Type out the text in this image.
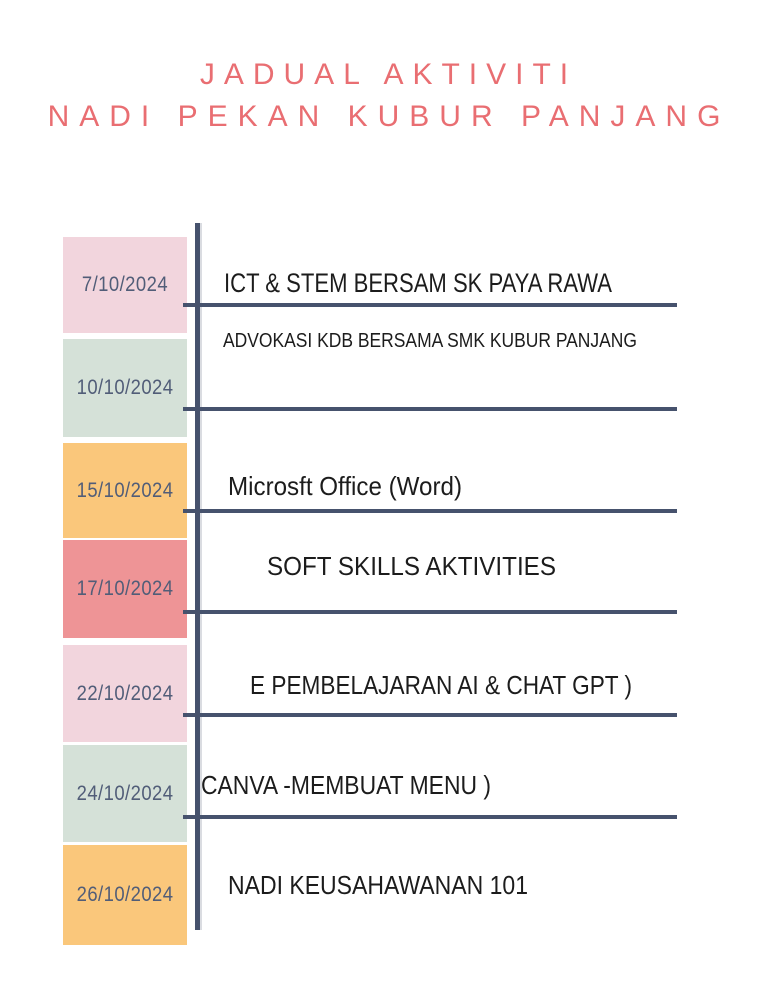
JADUAL AKTIVITI
NADI PEKAN KUBUR PANJANG
7/10/2024 ICT & STEM BERSAM SK PAYA RAWA
10/10/2024
ADVOKASI KDB BERSAMA SMK KUBUR PANJANG
15/10/2024 Microsft Office (Word)
17/10/2024
SOFT SKILLS AKTIVITIES
22/10/2024	E PEMBELAJARAN AI & CHAT GPT )
24/10/2024 CANVA -MEMBUAT MENU )
26/10/2024 NADI KEUSAHAWANAN 101
